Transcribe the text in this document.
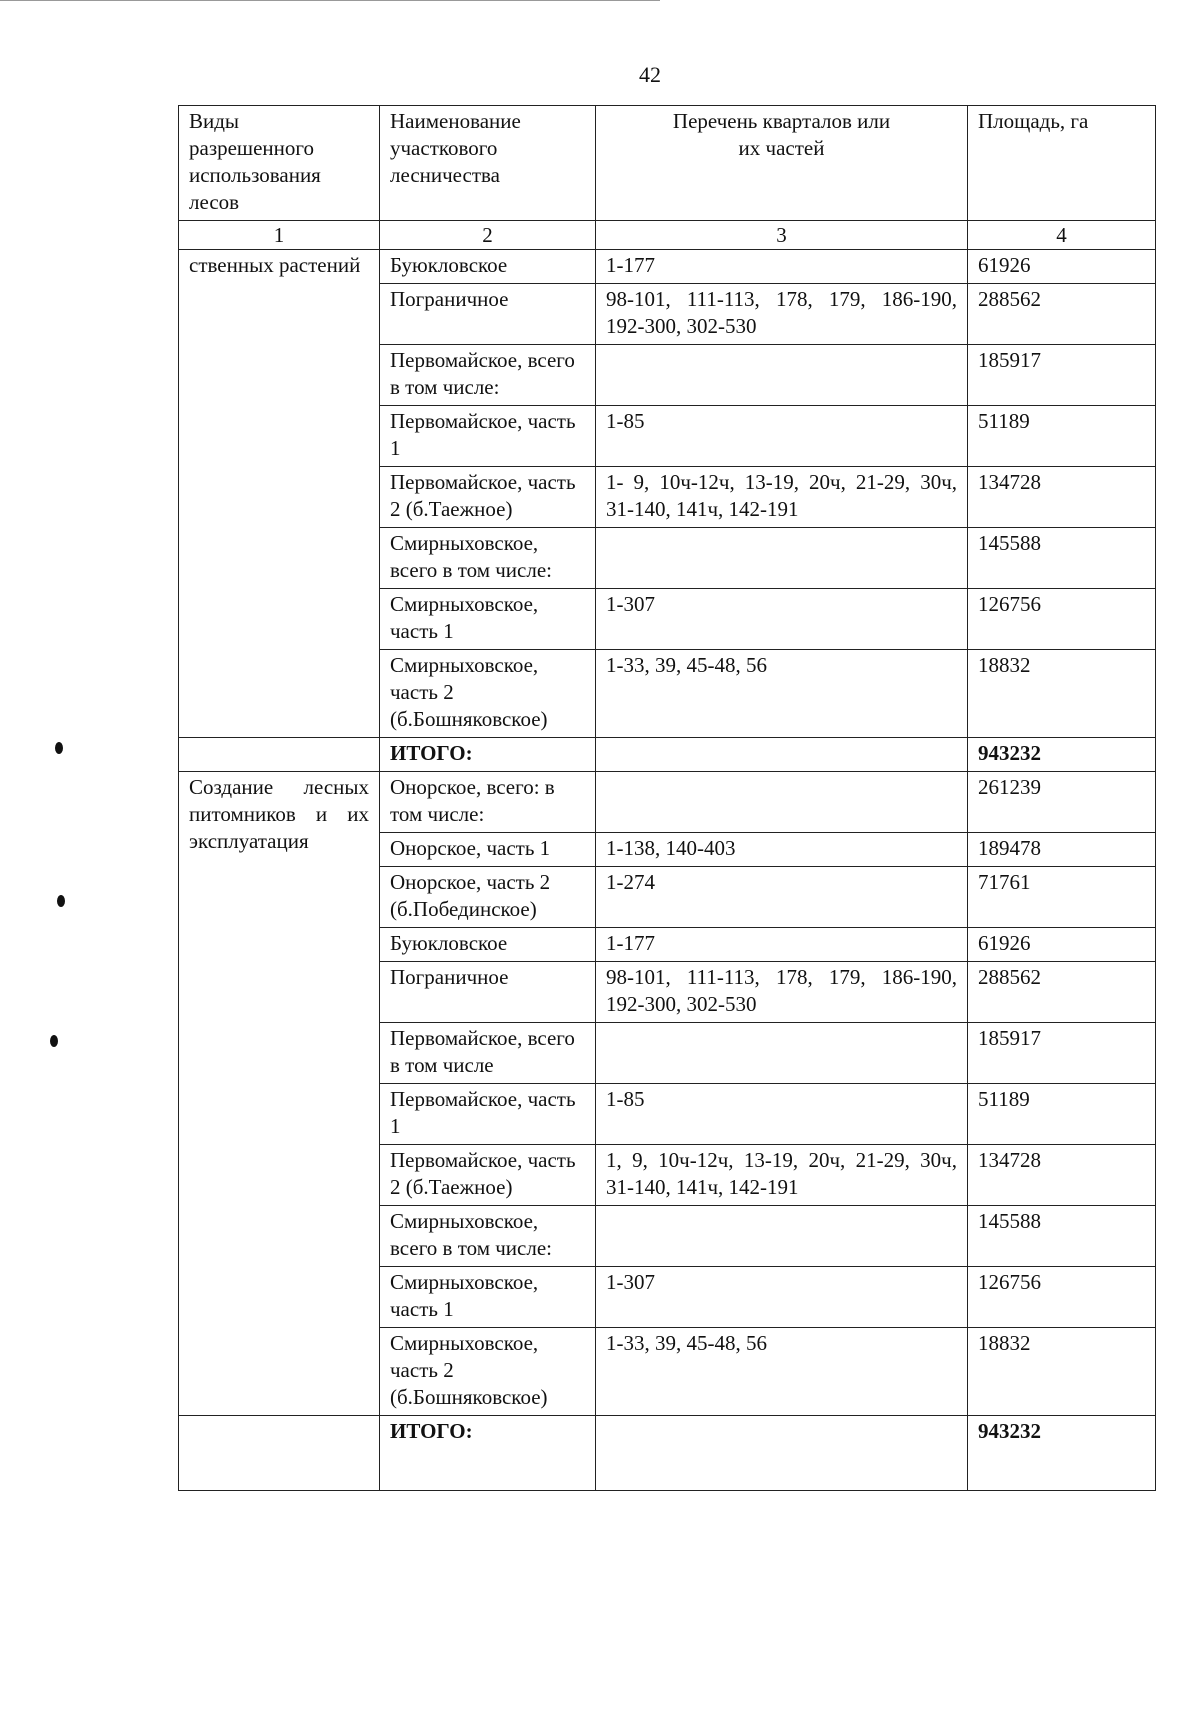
42
Виды разрешенного использования лесов	Наименование участкового лесничества	Перечень кварталов или их частей	Площадь, га
1	2	3	4
ственных растений	Буюкловское	1-177	61926
	Пограничное	98-101, 111-113, 178, 179, 186-190, 192-300, 302-530	288562
	Первомайское, всего в том числе:		185917
	Первомайское, часть 1	1-85	51189
	Первомайское, часть 2 (б.Таежное)	1- 9, 10ч-12ч, 13-19, 20ч, 21-29, 30ч, 31-140, 141ч, 142-191	134728
	Смирныховское, всего в том числе:		145588
	Смирныховское, часть 1	1-307	126756
	Смирныховское, часть 2 (б.Бошняковское)	1-33, 39, 45-48, 56	18832
	ИТОГО:		943232
Создание лесных питомников и их эксплуатация	Онорское, всего: в том числе:		261239
	Онорское, часть 1	1-138, 140-403	189478
	Онорское, часть 2 (б.Побединское)	1-274	71761
	Буюкловское	1-177	61926
	Пограничное	98-101, 111-113, 178, 179, 186-190, 192-300, 302-530	288562
	Первомайское, всего в том числе		185917
	Первомайское, часть 1	1-85	51189
	Первомайское, часть 2 (б.Таежное)	1, 9, 10ч-12ч, 13-19, 20ч, 21-29, 30ч, 31-140, 141ч, 142-191	134728
	Смирныховское, всего в том числе:		145588
	Смирныховское, часть 1	1-307	126756
	Смирныховское, часть 2 (б.Бошняковское)	1-33, 39, 45-48, 56	18832
	ИТОГО:		943232
